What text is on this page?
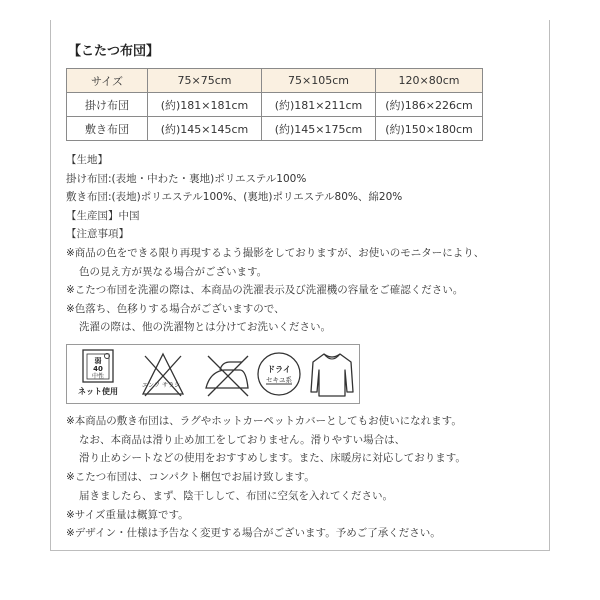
【こたつ布団】
サイズ	75×75cm	75×105cm	120×80cm
掛け布団	(約)181×181cm	(約)181×211cm	(約)186×226cm
敷き布団	(約)145×145cm	(約)145×175cm	(約)150×180cm
【生地】
掛け布団:(表地・中わた・裏地)ポリエステル100%
敷き布団:(表地)ポリエステル100%、(裏地)ポリエステル80%、綿20%
【生産国】中国
【注意事項】
※商品の色をできる限り再現するよう撮影をしておりますが、お使いのモニターにより、
色の見え方が異なる場合がございます。
※こたつ布団を洗濯の際は、本商品の洗濯表示及び洗濯機の容量をご確認ください。
※色落ち、色移りする場合がございますので、
洗濯の際は、他の洗濯物とは分けてお洗いください。
弱
40
中性
ネット使用
エンソ サラシ
ドライ
セキユ系
※本商品の敷き布団は、ラグやホットカーペットカバーとしてもお使いになれます。
なお、本商品は滑り止め加工をしておりません。滑りやすい場合は、
滑り止めシートなどの使用をおすすめします。また、床暖房に対応しております。
※こたつ布団は、コンパクト梱包でお届け致します。
届きましたら、まず、陰干しして、布団に空気を入れてください。
※サイズ重量は概算です。
※デザイン・仕様は予告なく変更する場合がございます。予めご了承ください。
